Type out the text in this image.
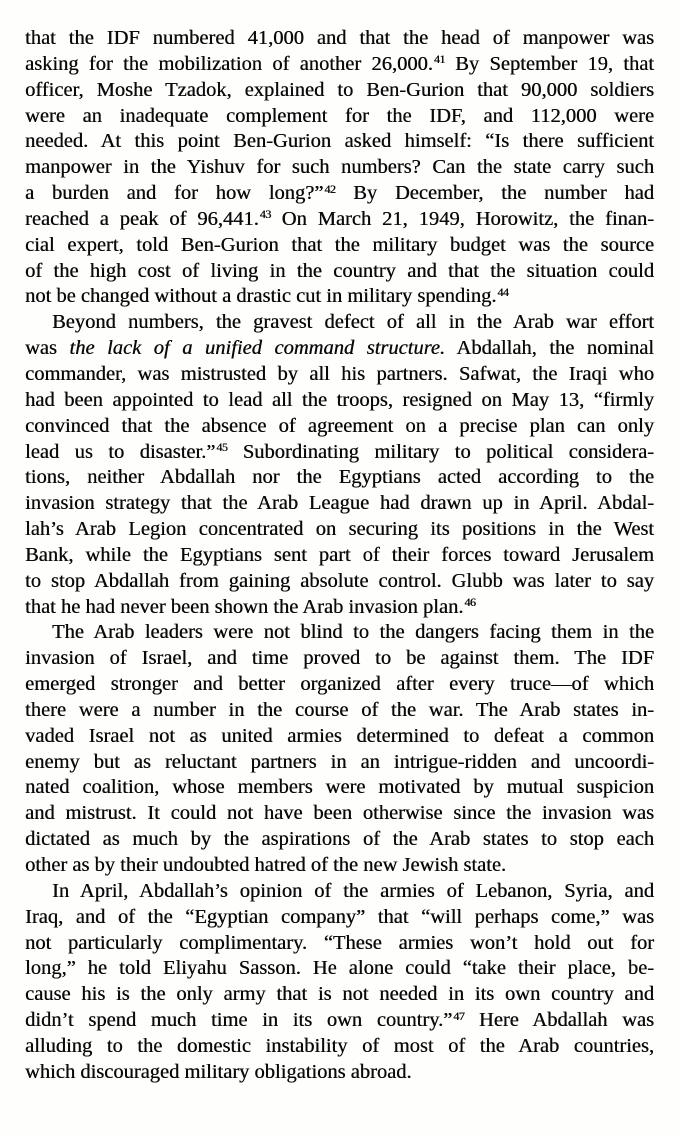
that the IDF numbered 41,000 and that the head of manpower was
asking for the mobilization of another 26,000.41 By September 19, that
officer, Moshe Tzadok, explained to Ben-Gurion that 90,000 soldiers
were an inadequate complement for the IDF, and 112,000 were
needed. At this point Ben-Gurion asked himself: “Is there sufficient
manpower in the Yishuv for such numbers? Can the state carry such
a burden and for how long?”$^{42}$ By December, the number had
reached a peak of 96,441.43 On March 21, 1949, Horowitz, the finan-
cial expert, told Ben-Gurion that the military budget was the source
of the high cost of living in the country and that the situation could
not be changed without a drastic cut in military spending.$^{44}$
Beyond numbers, the gravest defect of all in the Arab war effort
was the lack of a unified command structure. Abdallah, the nominal
commander, was mistrusted by all his partners. Safwat, the Iraqi who
had been appointed to lead all the troops, resigned on May 13, “firmly
convinced that the absence of agreement on a precise plan can only
lead us to disaster.”$^{45}$ Subordinating military to political considera-
tions, neither Abdallah nor the Egyptians acted according to the
invasion strategy that the Arab League had drawn up in April. Abdal-
lah’s Arab Legion concentrated on securing its positions in the West
Bank, while the Egyptians sent part of their forces toward Jerusalem
to stop Abdallah from gaining absolute control. Glubb was later to say
that he had never been shown the Arab invasion plan.$^{46}$
The Arab leaders were not blind to the dangers facing them in the
invasion of Israel, and time proved to be against them. The IDF
emerged stronger and better organized after every truce—of which
there were a number in the course of the war. The Arab states in-
vaded Israel not as united armies determined to defeat a common
enemy but as reluctant partners in an intrigue-ridden and uncoordi-
nated coalition, whose members were motivated by mutual suspicion
and mistrust. It could not have been otherwise since the invasion was
dictated as much by the aspirations of the Arab states to stop each
other as by their undoubted hatred of the new Jewish state.
In April, Abdallah’s opinion of the armies of Lebanon, Syria, and
Iraq, and of the “Egyptian company” that “will perhaps come,” was
not particularly complimentary. “These armies won’t hold out for
long,” he told Eliyahu Sasson. He alone could “take their place, be-
cause his is the only army that is not needed in its own country and
didn’t spend much time in its own country.”$^{47}$ Here Abdallah was
alluding to the domestic instability of most of the Arab countries,
which discouraged military obligations abroad.
